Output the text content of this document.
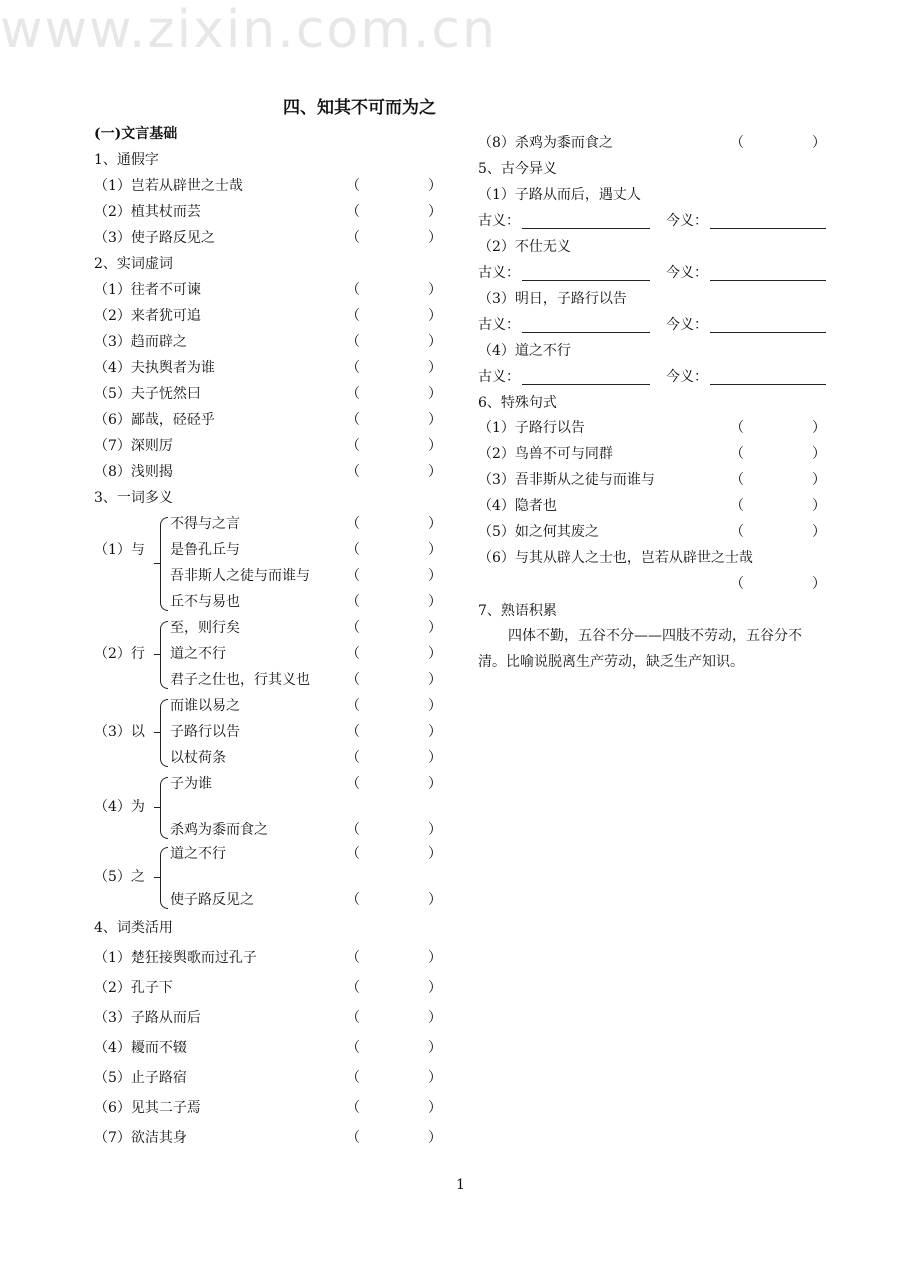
四、知其不可而为之
(一)文言基础
1、通假字
（1）岂若从辟世之士哉	（	）
（2）植其杖而芸	（	）
（3）使子路反见之	（	）
2、实词虚词
（1）往者不可谏	（	）
（2）来者犹可追	（	）
（3）趋而辟之	（	）
（4）夫执舆者为谁	（	）
（5）夫子怃然曰	（	）
（6）鄙哉，硁硁乎	（	）
（7）深则厉	（	）
（8）浅则揭	（	）
3、一词多义
（1）与
不得与之言	（	）
是鲁孔丘与	（	）
吾非斯人之徒与而谁与	（	）
丘不与易也	（	）
（2）行
至，则行矣	（	）
道之不行	（	）
君子之仕也，行其义也	（	）
（3）以
而谁以易之	（	）
子路行以告	（	）
以杖荷条	（	）
（4）为
子为谁	（	）
杀鸡为黍而食之	（	）
（5）之
道之不行	（	）
使子路反见之	（	）
4、词类活用
（1）楚狂接舆歌而过孔子	（	）
（2）孔子下	（	）
（3）子路从而后	（	）
（4）耰而不辍	（	）
（5）止子路宿	（	）
（6）见其二子焉	（	）
（7）欲洁其身	（	）
（8）杀鸡为黍而食之	（	）
5、古今异义
（1）子路从而后，遇丈人
古义：	今义：
（2）不仕无义
古义：	今义：
（3）明日，子路行以告
古义：	今义：
（4）道之不行
古义：	今义：
6、特殊句式
（1）子路行以告	（	）
（2）鸟兽不可与同群	（	）
（3）吾非斯从之徒与而谁与	（	）
（4）隐者也	（	）
（5）如之何其废之	（	）
（6）与其从辟人之士也，岂若从辟世之士哉
（	）
7、熟语积累
四体不勤，五谷不分——四肢不劳动，五谷分不
清。比喻说脱离生产劳动，缺乏生产知识。
www.zixin.com.cn
1
